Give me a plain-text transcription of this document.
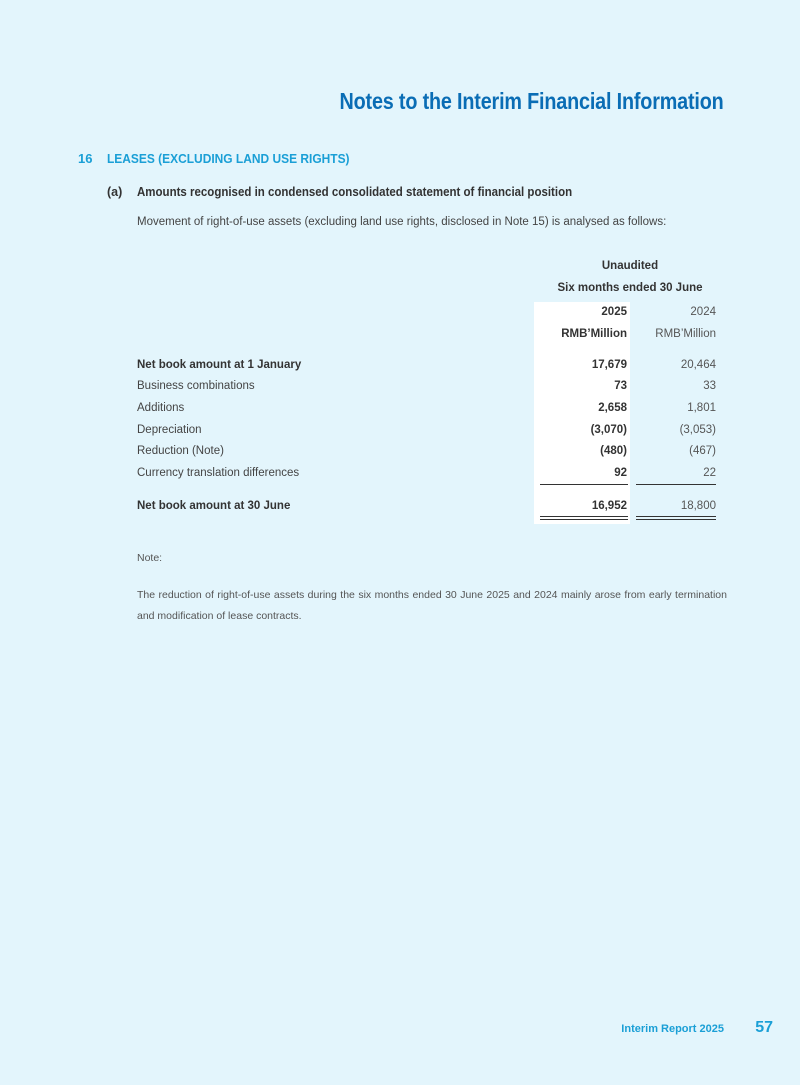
Notes to the Interim Financial Information
16 LEASES (EXCLUDING LAND USE RIGHTS)
(a) Amounts recognised in condensed consolidated statement of financial position
Movement of right-of-use assets (excluding land use rights, disclosed in Note 15) is analysed as follows:
Unaudited
Six months ended 30 June
2025	2024
RMB’Million RMB’Million
Net book amount at 1 January	17,679	20,464
Business combinations	73	33
Additions	2,658	1,801
Depreciation	(3,070)	(3,053)
Reduction (Note)	(480)	(467)
Currency translation differences	92	22
Net book amount at 30 June	16,952	18,800
Note:
The reduction of right-of-use assets during the six months ended 30 June 2025 and 2024 mainly arose from early termination and modification of lease contracts.
Interim Report 2025 57
